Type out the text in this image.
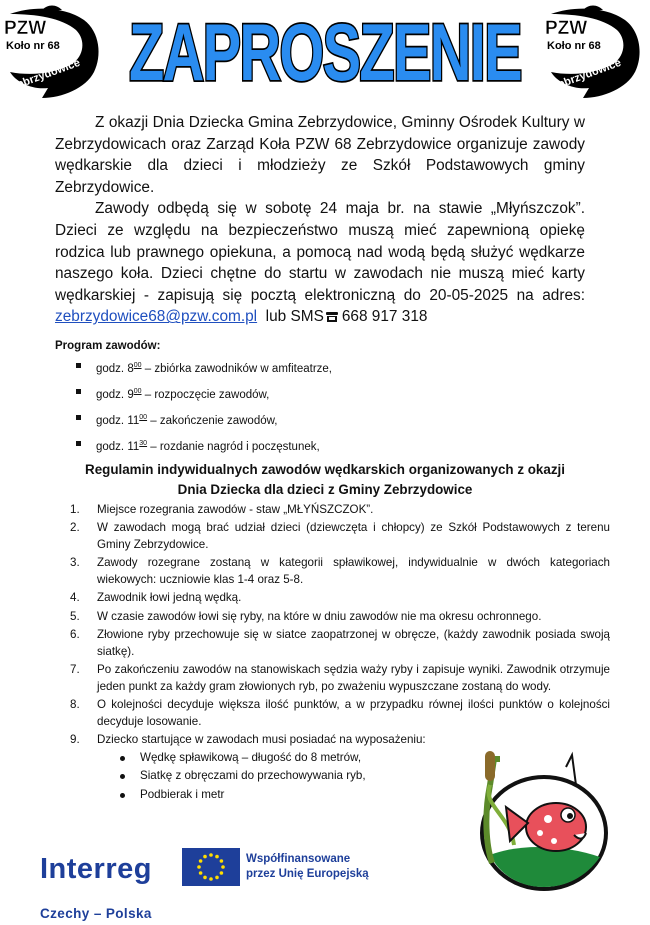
PZW
Koło nr 68
Zebrzydowice ZAPROSZENIE PZW
Koło nr 68
Zebrzydowice

Z okazji Dnia Dziecka Gmina Zebrzydowice, Gminny Ośrodek Kultury w Zebrzydowicach oraz Zarząd Koła PZW 68 Zebrzydowice organizuje zawody wędkarskie dla dzieci i młodzieży ze Szkół Podstawowych gminy Zebrzydowice.

Zawody odbędą się w sobotę 24 maja br. na stawie „Młyńszczok”. Dzieci ze względu na bezpieczeństwo muszą mieć zapewnioną opiekę rodzica lub prawnego opiekuna, a pomocą nad wodą będą służyć wędkarze naszego koła. Dzieci chętne do startu w zawodach nie muszą mieć karty wędkarskiej - zapisują się pocztą elektroniczną do 20-05-2025 na adres: zebrzydowice68@pzw.com.pl lub SMS 668 917 318

Program zawodów:
godz. $8^{00}$ – zbiórka zawodników w amfiteatrze,
godz. $9^{00}$ – rozpoczęcie zawodów,
godz. $11^{00}$ – zakończenie zawodów,
godz. $11^{30}$ – rozdanie nagród i poczęstunek,
Regulamin indywidualnych zawodów wędkarskich organizowanych z okazji
Dnia Dziecka dla dzieci z Gminy Zebrzydowice
1. Miejsce rozegrania zawodów - staw „MŁYŃSZCZOK”.
2. W zawodach mogą brać udział dzieci (dziewczęta i chłopcy) ze Szkół Podstawowych z terenu Gminy Zebrzydowice.
3. Zawody rozegrane zostaną w kategorii spławikowej, indywidualnie w dwóch kategoriach wiekowych: uczniowie klas 1-4 oraz 5-8.
4. Zawodnik łowi jedną wędką.
5. W czasie zawodów łowi się ryby, na które w dniu zawodów nie ma okresu ochronnego.
6. Złowione ryby przechowuje się w siatce zaopatrzonej w obręcze, (każdy zawodnik posiada swoją siatkę).
7. Po zakończeniu zawodów na stanowiskach sędzia waży ryby i zapisuje wyniki. Zawodnik otrzymuje jeden punkt za każdy gram złowionych ryb, po zważeniu wypuszczane zostaną do wody.
8. O kolejności decyduje większa ilość punktów, a w przypadku równej ilości punktów o kolejności decyduje losowanie.
9. Dziecko startujące w zawodach musi posiadać na wyposażeniu:
Wędkę spławikową – długość do 8 metrów,
Siatkę z obręczami do przechowywania ryb,
Podbierak i metr
Interreg	Współfinansowane
przez Unię Europejską
Czechy – Polska
